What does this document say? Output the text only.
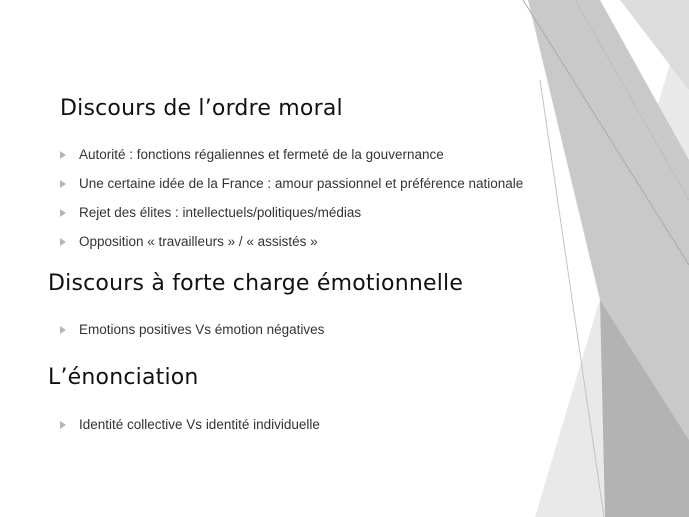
Discours de l’ordre moral
Autorité : fonctions régaliennes et fermeté de la gouvernance
Une certaine idée de la France : amour passionnel et préférence nationale
Rejet des élites : intellectuels/politiques/médias
Opposition « travailleurs » / « assistés »
Discours à forte charge émotionnelle
Emotions positives Vs émotion négatives
L’énonciation
Identité collective Vs identité individuelle
